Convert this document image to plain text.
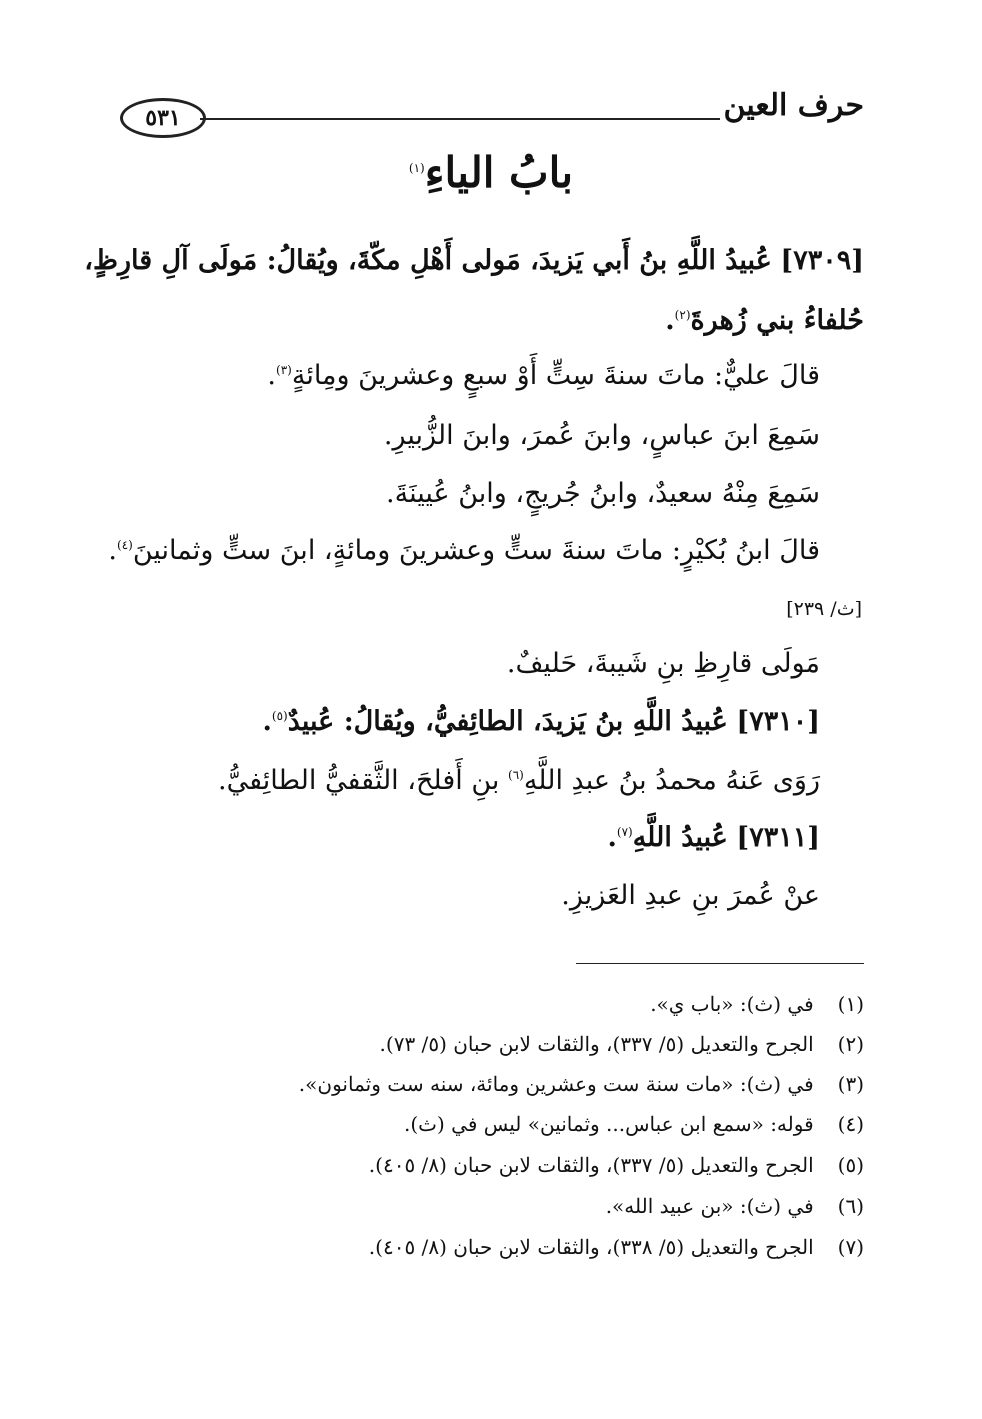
حرف العين
٥٣١
بابُ الياءِ$^{(١)}$
[٧٣٠٩] عُبيدُ اللَّهِ بنُ أَبي يَزيدَ، مَولى أَهْلِ مكّةَ، ويُقالُ: مَولَى آلِ قارِظٍ،
حُلفاءُ بني زُهرةَ$^{(٢)}$.
قالَ عليٌّ: ماتَ سنةَ سِتٍّ أَوْ سبعٍ وعشرينَ ومِائةٍ$^{(٣)}$.
سَمِعَ ابنَ عباسٍ، وابنَ عُمرَ، وابنَ الزُّبيرِ.
سَمِعَ مِنْهُ سعيدٌ، وابنُ جُريجٍ، وابنُ عُيينَةَ.
قالَ ابنُ بُكيْرٍ: ماتَ سنةَ ستٍّ وعشرينَ ومائةٍ، ابنَ ستٍّ وثمانينَ$^{(٤)}$.
[ث/ ٢٣٩]
مَولَى قارِظِ بنِ شَيبةَ، حَليفٌ.
[٧٣١٠] عُبيدُ اللَّهِ بنُ يَزيدَ، الطائِفيُّ، ويُقالُ: عُبيدٌ$^{(٥)}$.
رَوَى عَنهُ محمدُ بنُ عبدِ اللَّهِ$^{(٦)}$ بنِ أَفلحَ، الثَّقفيُّ الطائِفيُّ.
[٧٣١١] عُبيدُ اللَّهِ$^{(٧)}$.
عنْ عُمرَ بنِ عبدِ العَزيزِ.
(١) في (ث): «باب ي».
(٢) الجرح والتعديل (٥/ ٣٣٧)، والثقات لابن حبان (٥/ ٧٣).
(٣) في (ث): «مات سنة ست وعشرين ومائة، سنه ست وثمانون».
(٤) قوله: «سمع ابن عباس... وثمانين» ليس في (ث).
(٥) الجرح والتعديل (٥/ ٣٣٧)، والثقات لابن حبان (٨/ ٤٠٥).
(٦) في (ث): «بن عبيد الله».
(٧) الجرح والتعديل (٥/ ٣٣٨)، والثقات لابن حبان (٨/ ٤٠٥).
